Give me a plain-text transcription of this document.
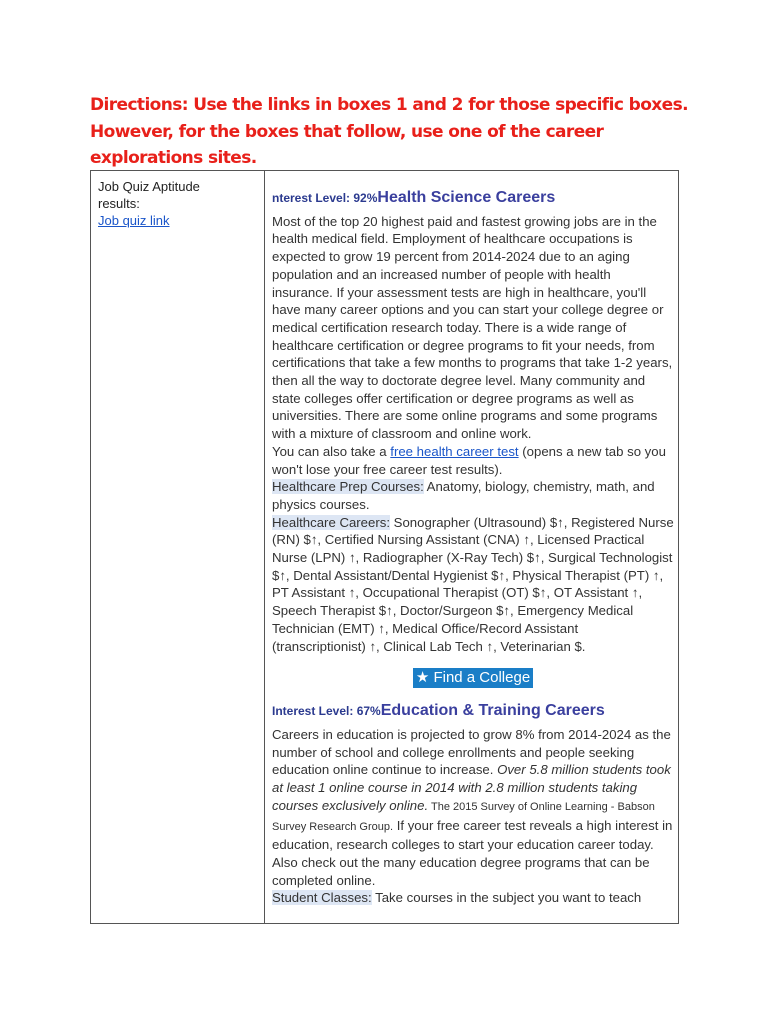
Directions: Use the links in boxes 1 and 2 for those specific boxes.
However, for the boxes that follow, use one of the career
explorations sites.
Job Quiz Aptitude
results:
Job quiz link
nterest Level: 92%Health Science Careers

Most of the top 20 highest paid and fastest growing jobs are in the health medical field. Employment of healthcare occupations is expected to grow 19 percent from 2014-2024 due to an aging population and an increased number of people with health insurance. If your assessment tests are high in healthcare, you'll have many career options and you can start your college degree or medical certification research today. There is a wide range of healthcare certification or degree programs to fit your needs, from certifications that take a few months to programs that take 1-2 years, then all the way to doctorate degree level. Many community and state colleges offer certification or degree programs as well as universities. There are some online programs and some programs with a mixture of classroom and online work.

You can also take a free health career test (opens a new tab so you won't lose your free career test results).

Healthcare Prep Courses: Anatomy, biology, chemistry, math, and physics courses.

Healthcare Careers: Sonographer (Ultrasound) $↑, Registered Nurse (RN) $↑, Certified Nursing Assistant (CNA) ↑, Licensed Practical Nurse (LPN) ↑, Radiographer (X-Ray Tech) $↑, Surgical Technologist $↑, Dental Assistant/Dental Hygienist $↑, Physical Therapist (PT) ↑, PT Assistant ↑, Occupational Therapist (OT) $↑, OT Assistant ↑, Speech Therapist $↑, Doctor/Surgeon $↑, Emergency Medical Technician (EMT) ↑, Medical Office/Record Assistant (transcriptionist) ↑, Clinical Lab Tech ↑, Veterinarian $.

★ Find a College
Interest Level: 67%Education & Training Careers

Careers in education is projected to grow 8% from 2014-2024 as the number of school and college enrollments and people seeking education online continue to increase. Over 5.8 million students took at least 1 online course in 2014 with 2.8 million students taking courses exclusively online. The 2015 Survey of Online Learning - Babson Survey Research Group. If your free career test reveals a high interest in education, research colleges to start your education career today. Also check out the many education degree programs that can be completed online.

Student Classes: Take courses in the subject you want to teach
